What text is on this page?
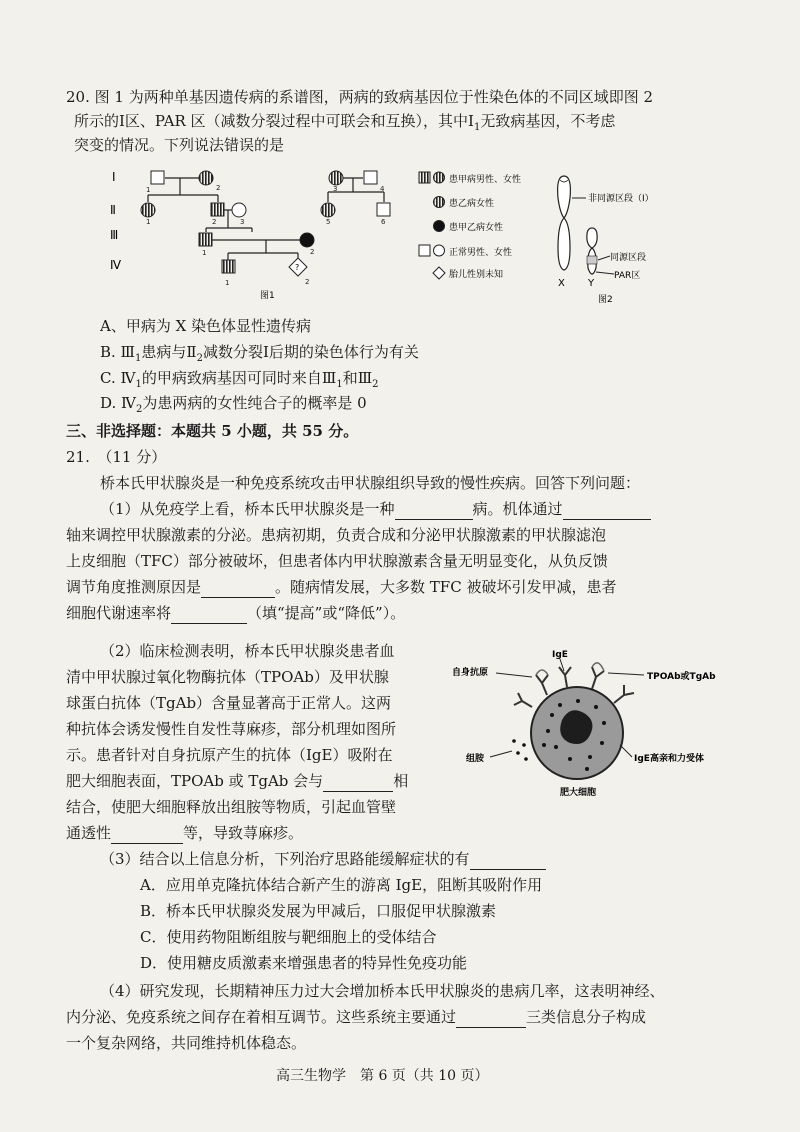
20. 图 1 为两种单基因遗传病的系谱图，两病的致病基因位于性染色体的不同区域即图 2
所示的Ⅰ区、PAR 区（减数分裂过程中可联会和互换），其中$Ⅰ_1$无致病基因，不考虑
突变的情况。下列说法错误的是
Ⅰ
Ⅱ
Ⅲ
Ⅳ	?
1	2	3	4
1	2	3	5	6
1	2
1	2
图1
患甲病男性、女性
患乙病女性
患甲乙病女性
正常男性、女性
胎儿性别未知
非同源区段（Ⅰ）
同源区段
PAR区
X Y
图2
A、甲病为 X 染色体显性遗传病
B. $Ⅲ_1$患病与$Ⅱ_2$减数分裂Ⅰ后期的染色体行为有关
C. $Ⅳ_1$的甲病致病基因可同时来自$Ⅲ_1$和$Ⅲ_2$
D. $Ⅳ_2$为患两病的女性纯合子的概率是 0
三、非选择题：本题共 5 小题，共 55 分。
21.　（11 分）
桥本氏甲状腺炎是一种免疫系统攻击甲状腺组织导致的慢性疾病。回答下列问题：
（1）从免疫学上看，桥本氏甲状腺炎是一种	病。机体通过
轴来调控甲状腺激素的分泌。患病初期，负责合成和分泌甲状腺激素的甲状腺滤泡
上皮细胞（TFC）部分被破坏，但患者体内甲状腺激素含量无明显变化，从负反馈
调节角度推测原因是	。随病情发展，大多数 TFC 被破坏引发甲减，患者
细胞代谢速率将	（填“提高”或“降低”）。
（2）临床检测表明，桥本氏甲状腺炎患者血
清中甲状腺过氧化物酶抗体（TPOAb）及甲状腺
球蛋白抗体（TgAb）含量显著高于正常人。这两
种抗体会诱发慢性自发性荨麻疹，部分机理如图所
示。患者针对自身抗原产生的抗体（IgE）吸附在
肥大细胞表面，TPOAb 或 TgAb 会与	相
结合，使肥大细胞释放出组胺等物质，引起血管壁
通透性	等，导致荨麻疹。
IgE
自身抗原	TPOAb或TgAb
组胺	IgE高亲和力受体
肥大细胞
（3）结合以上信息分析，下列治疗思路能缓解症状的有
A．应用单克隆抗体结合新产生的游离 IgE，阻断其吸附作用
B．桥本氏甲状腺炎发展为甲减后，口服促甲状腺激素
C．使用药物阻断组胺与靶细胞上的受体结合
D．使用糖皮质激素来增强患者的特异性免疫功能
（4）研究发现，长期精神压力过大会增加桥本氏甲状腺炎的患病几率，这表明神经、
内分泌、免疫系统之间存在着相互调节。这些系统主要通过	三类信息分子构成
一个复杂网络，共同维持机体稳态。
高三生物学　第 6 页（共 10 页）
